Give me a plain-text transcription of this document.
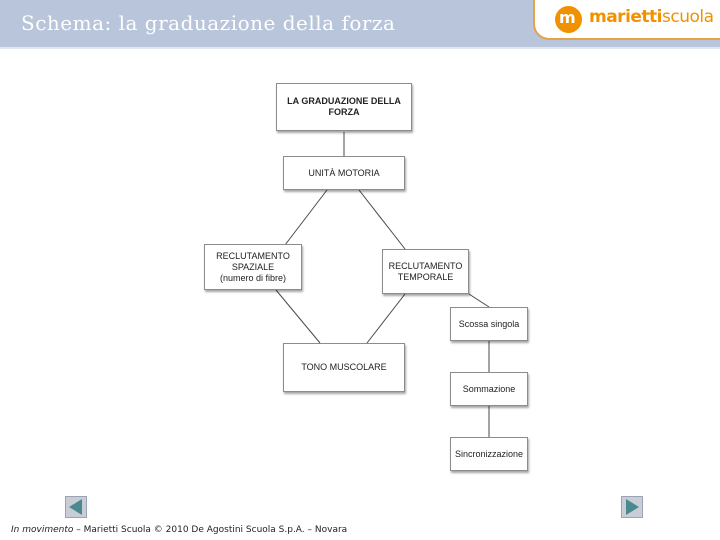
Schema: la graduazione della forza	m mariettiscuola
LA GRADUAZIONE DELLA FORZA
UNITÀ MOTORIA
RECLUTAMENTO
SPAZIALE
(numero di fibre)
RECLUTAMENTO
TEMPORALE
TONO MUSCOLARE
Scossa singola
Sommazione
Sincronizzazione
In movimento – Marietti Scuola © 2010 De Agostini Scuola S.p.A. – Novara
